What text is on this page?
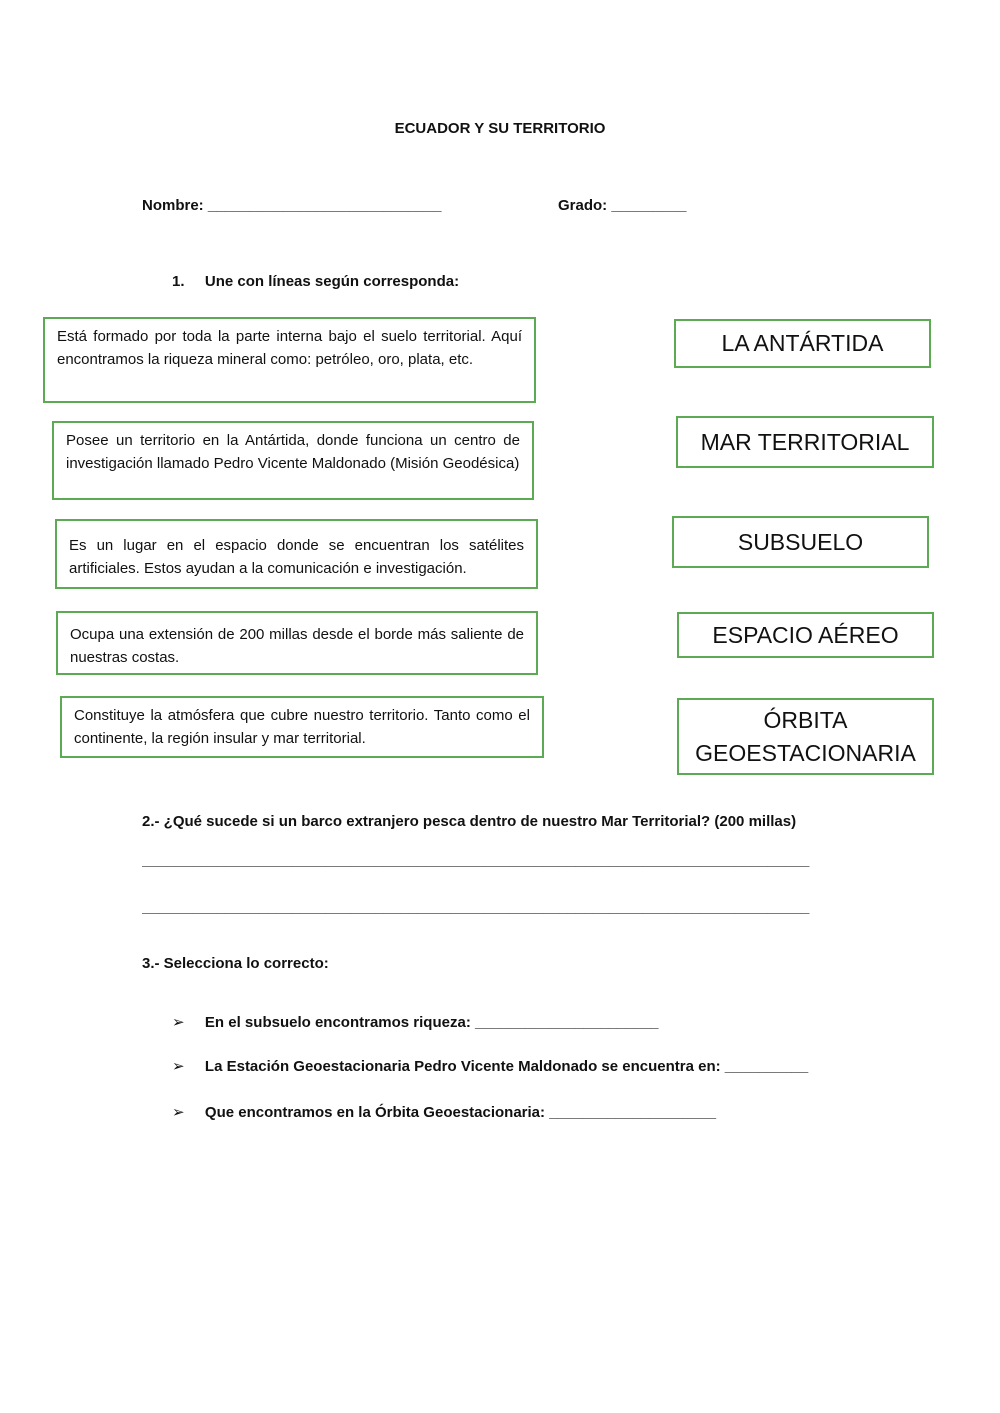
ECUADOR Y SU TERRITORIO
Nombre: ____________________________	Grado: _________
1. Une con líneas según corresponda:
Está formado por toda la parte interna bajo el suelo territorial. Aquí encontramos la riqueza mineral como: petróleo, oro, plata, etc.
Posee un territorio en la Antártida, donde funciona un centro de investigación llamado Pedro Vicente Maldonado (Misión Geodésica)
Es un lugar en el espacio donde se encuentran los satélites artificiales. Estos ayudan a la comunicación e investigación.
Ocupa una extensión de 200 millas desde el borde más saliente de nuestras costas.
Constituye la atmósfera que cubre nuestro territorio. Tanto como el continente, la región insular y mar territorial.
LA ANTÁRTIDA
MAR TERRITORIAL
SUBSUELO
ESPACIO AÉREO
ÓRBITA GEOESTACIONARIA
2.- ¿Qué sucede si un barco extranjero pesca dentro de nuestro Mar Territorial? (200 millas)
________________________________________________________________________________
________________________________________________________________________________
3.- Selecciona lo correcto:
➢ En el subsuelo encontramos riqueza: ______________________
➢ La Estación Geoestacionaria Pedro Vicente Maldonado se encuentra en: __________
➢ Que encontramos en la Órbita Geoestacionaria: ____________________
